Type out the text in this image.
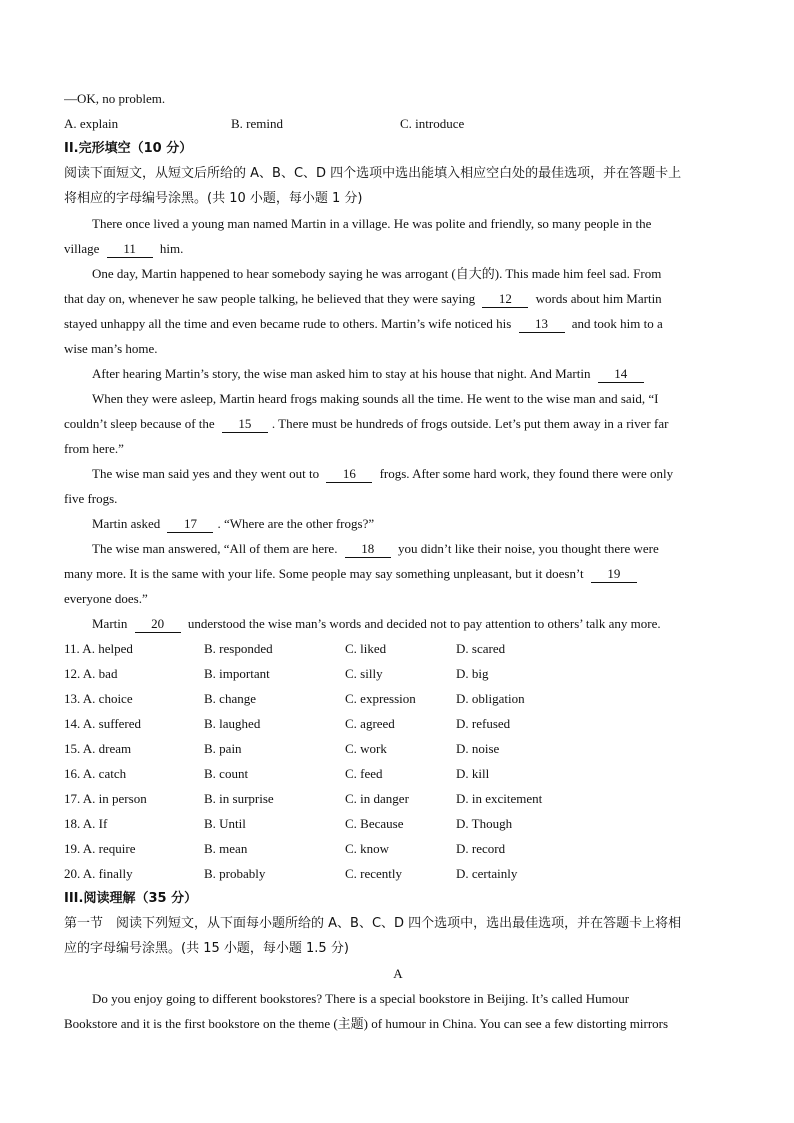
—OK, no problem.
A. explain	B. remind	C. introduce
II.完形填空（10 分）
阅读下面短文，从短文后所给的 A、B、C、D 四个选项中选出能填入相应空白处的最佳选项，并在答题卡上
将相应的字母编号涂黑。(共 10 小题，每小题 1 分)
There once lived a young man named Martin in a village. He was polite and friendly, so many people in the
village 11 him.
One day, Martin happened to hear somebody saying he was arrogant (自大的). This made him feel sad. From
that day on, whenever he saw people talking, he believed that they were saying 12 words about him Martin
stayed unhappy all the time and even became rude to others. Martin’s wife noticed his 13 and took him to a
wise man’s home.
After hearing Martin’s story, the wise man asked him to stay at his house that night. And Martin 14
When they were asleep, Martin heard frogs making sounds all the time. He went to the wise man and said, “I
couldn’t sleep because of the 15 . There must be hundreds of frogs outside. Let’s put them away in a river far
from here.”
The wise man said yes and they went out to 16 frogs. After some hard work, they found there were only
five frogs.
Martin asked 17 . “Where are the other frogs?”
The wise man answered, “All of them are here. 18 you didn’t like their noise, you thought there were
many more. It is the same with your life. Some people may say something unpleasant, but it doesn’t 19
everyone does.”
Martin 20 understood the wise man’s words and decided not to pay attention to others’ talk any more.
11. A. helped	B. responded	C. liked	D. scared
12. A. bad	B. important	C. silly	D. big
13. A. choice	B. change	C. expression	D. obligation
14. A. suffered	B. laughed	C. agreed	D. refused
15. A. dream	B. pain	C. work	D. noise
16. A. catch	B. count	C. feed	D. kill
17. A. in person	B. in surprise	C. in danger	D. in excitement
18. A. If	B. Until	C. Because	D. Though
19. A. require	B. mean	C. know	D. record
20. A. finally	B. probably	C. recently	D. certainly
III.阅读理解（35 分）
第一节　阅读下列短文，从下面每小题所给的 A、B、C、D 四个选项中，选出最佳选项，并在答题卡上将相
应的字母编号涂黑。(共 15 小题，每小题 1.5 分)
A
Do you enjoy going to different bookstores? There is a special bookstore in Beijing. It’s called Humour
Bookstore and it is the first bookstore on the theme (主题) of humour in China. You can see a few distorting mirrors
